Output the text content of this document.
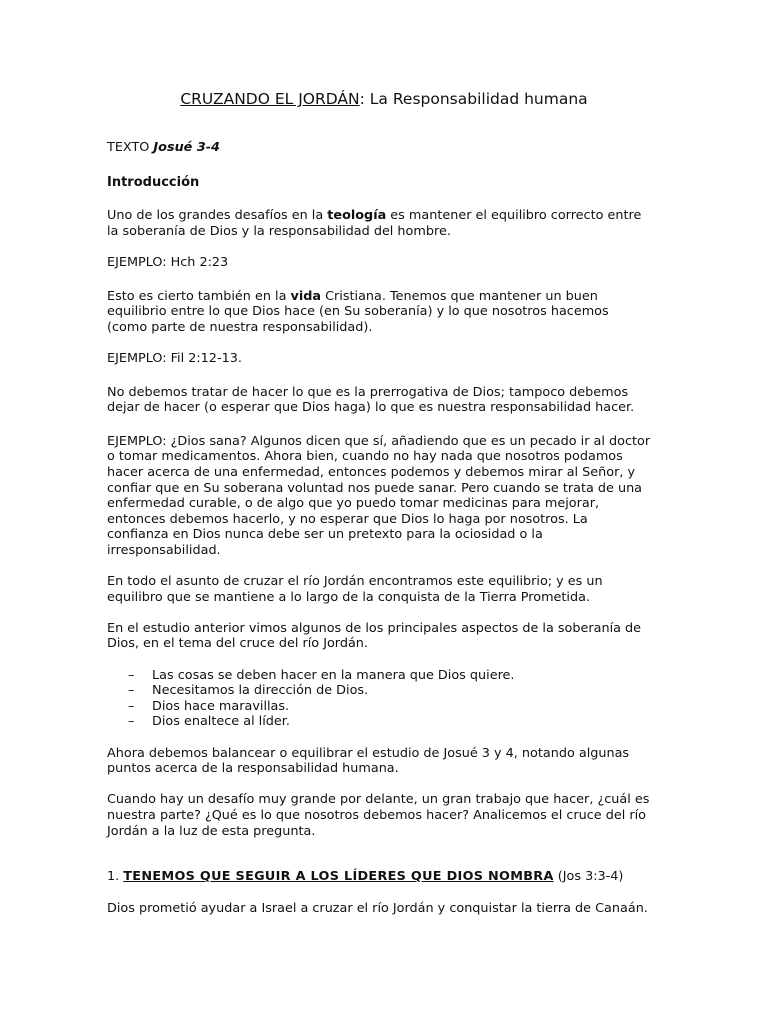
CRUZANDO EL JORDÁN: La Responsabilidad humana

TEXTO Josué 3-4

Introducción

Uno de los grandes desafíos en la teología es mantener el equilibro correcto entre la soberanía de Dios y la responsabilidad del hombre.

EJEMPLO: Hch 2:23

Esto es cierto también en la vida Cristiana. Tenemos que mantener un buen equilibrio entre lo que Dios hace (en Su soberanía) y lo que nosotros hacemos (como parte de nuestra responsabilidad).

EJEMPLO: Fil 2:12-13.

No debemos tratar de hacer lo que es la prerrogativa de Dios; tampoco debemos dejar de hacer (o esperar que Dios haga) lo que es nuestra responsabilidad hacer.

EJEMPLO: ¿Dios sana? Algunos dicen que sí, añadiendo que es un pecado ir al doctor o tomar medicamentos. Ahora bien, cuando no hay nada que nosotros podamos hacer acerca de una enfermedad, entonces podemos y debemos mirar al Señor, y confiar que en Su soberana voluntad nos puede sanar. Pero cuando se trata de una enfermedad curable, o de algo que yo puedo tomar medicinas para mejorar, entonces debemos hacerlo, y no esperar que Dios lo haga por nosotros. La confianza en Dios nunca debe ser un pretexto para la ociosidad o la irresponsabilidad.

En todo el asunto de cruzar el río Jordán encontramos este equilibrio; y es un equilibro que se mantiene a lo largo de la conquista de la Tierra Prometida.

En el estudio anterior vimos algunos de los principales aspectos de la soberanía de Dios, en el tema del cruce del río Jordán.

– Las cosas se deben hacer en la manera que Dios quiere.
– Necesitamos la dirección de Dios.
– Dios hace maravillas.
– Dios enaltece al líder.

Ahora debemos balancear o equilibrar el estudio de Josué 3 y 4, notando algunas puntos acerca de la responsabilidad humana.

Cuando hay un desafío muy grande por delante, un gran trabajo que hacer, ¿cuál es nuestra parte? ¿Qué es lo que nosotros debemos hacer? Analicemos el cruce del río Jordán a la luz de esta pregunta.

1. TENEMOS QUE SEGUIR A LOS LÍDERES QUE DIOS NOMBRA (Jos 3:3-4)

Dios prometió ayudar a Israel a cruzar el río Jordán y conquistar la tierra de Canaán.
